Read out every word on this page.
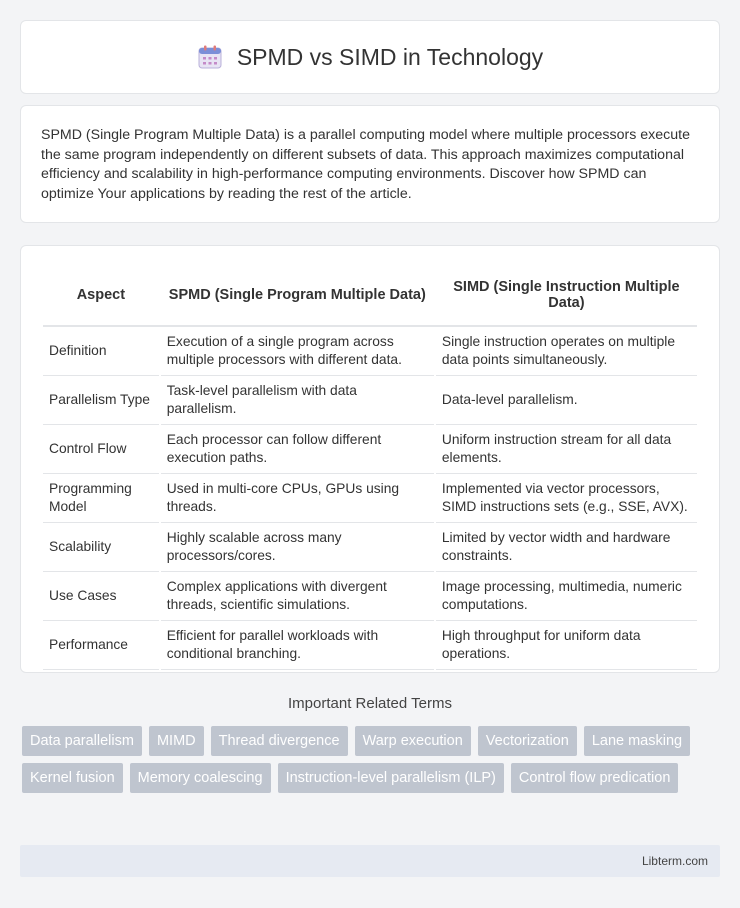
SPMD vs SIMD in Technology

SPMD (Single Program Multiple Data) is a parallel computing model where multiple processors execute the same program independently on different subsets of data. This approach maximizes computational efficiency and scalability in high-performance computing environments. Discover how SPMD can optimize Your applications by reading the rest of the article.

Aspect	SPMD (Single Program Multiple Data)	SIMD (Single Instruction Multiple Data)
Definition	Execution of a single program across multiple processors with different data.	Single instruction operates on multiple data points simultaneously.
Parallelism Type	Task-level parallelism with data parallelism.	Data-level parallelism.
Control Flow	Each processor can follow different execution paths.	Uniform instruction stream for all data elements.
Programming Model	Used in multi-core CPUs, GPUs using threads.	Implemented via vector processors, SIMD instructions sets (e.g., SSE, AVX).
Scalability	Highly scalable across many processors/cores.	Limited by vector width and hardware constraints.
Use Cases	Complex applications with divergent threads, scientific simulations.	Image processing, multimedia, numeric computations.
Performance	Efficient for parallel workloads with conditional branching.	High throughput for uniform data operations.
Important Related Terms
Data parallelism	MIMD	Thread divergence	Warp execution	Vectorization	Lane masking
Kernel fusion	Memory coalescing	Instruction-level parallelism (ILP)	Control flow predication
Libterm.com
